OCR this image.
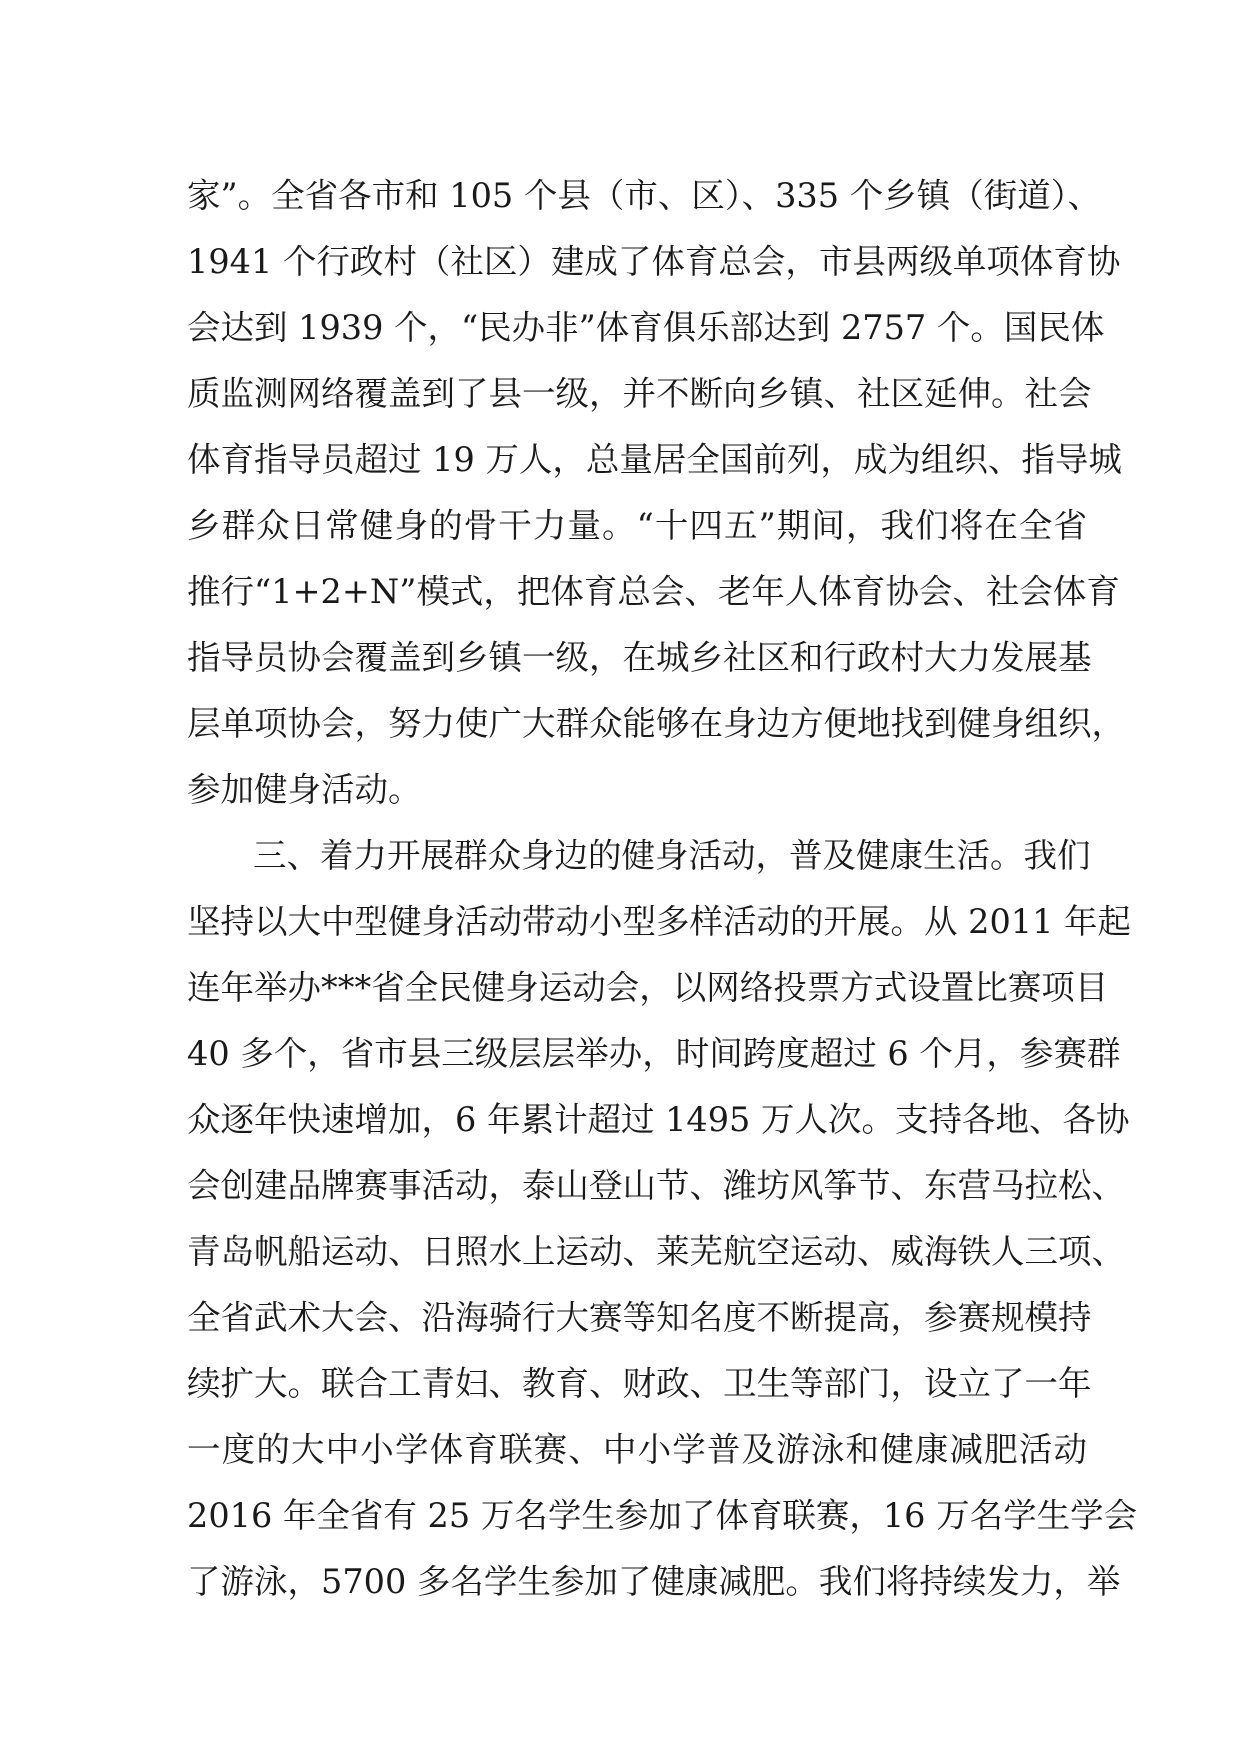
家”。全省各市和 105 个县（市、区）、335 个乡镇（街道）、
1941 个行政村（社区）建成了体育总会，市县两级单项体育协
会达到 1939 个，“民办非”体育俱乐部达到 2757 个。国民体
质监测网络覆盖到了县一级，并不断向乡镇、社区延伸。社会
体育指导员超过 19 万人，总量居全国前列，成为组织、指导城
乡群众日常健身的骨干力量。“十四五”期间，我们将在全省
推行“1+2+N”模式，把体育总会、老年人体育协会、社会体育
指导员协会覆盖到乡镇一级，在城乡社区和行政村大力发展基
层单项协会，努力使广大群众能够在身边方便地找到健身组织，
参加健身活动。
三、着力开展群众身边的健身活动，普及健康生活。我们
坚持以大中型健身活动带动小型多样活动的开展。从 2011 年起
连年举办***省全民健身运动会，以网络投票方式设置比赛项目
40 多个，省市县三级层层举办，时间跨度超过 6 个月，参赛群
众逐年快速增加，6 年累计超过 1495 万人次。支持各地、各协
会创建品牌赛事活动，泰山登山节、潍坊风筝节、东营马拉松、
青岛帆船运动、日照水上运动、莱芜航空运动、威海铁人三项、
全省武术大会、沿海骑行大赛等知名度不断提高，参赛规模持
续扩大。联合工青妇、教育、财政、卫生等部门，设立了一年
一度的大中小学体育联赛、中小学普及游泳和健康减肥活动
2016 年全省有 25 万名学生参加了体育联赛，16 万名学生学会
了游泳，5700 多名学生参加了健康减肥。我们将持续发力，举
